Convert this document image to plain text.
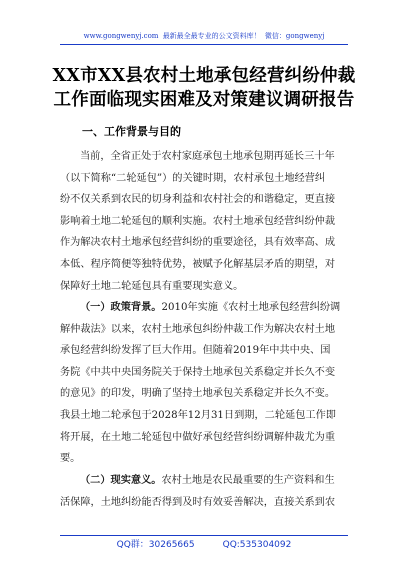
www.gongwenyj.com 最新最全最专业的公文资料库！ 微信：gongwenyj
XX市XX县农村土地承包经营纠纷仲裁
工作面临现实困难及对策建议调研报告
一、工作背景与目的
当前，全省正处于农村家庭承包土地承包期再延长三十年
（以下简称“二轮延包”）的关键时期，农村承包土地经营纠
纷不仅关系到农民的切身利益和农村社会的和谐稳定，更直接
影响着土地二轮延包的顺利实施。农村土地承包经营纠纷仲裁
作为解决农村土地承包经营纠纷的重要途径，具有效率高、成
本低、程序简便等独特优势，被赋予化解基层矛盾的期望，对
保障好土地二轮延包具有重要现实意义。
（一）政策背景。2010年实施《农村土地承包经营纠纷调
解仲裁法》以来，农村土地承包纠纷仲裁工作为解决农村土地
承包经营纠纷发挥了巨大作用。但随着2019年中共中央、国
务院《中共中央国务院关于保持土地承包关系稳定并长久不变
的意见》的印发，明确了坚持土地承包关系稳定并长久不变。
我县土地二轮承包于2028年12月31日到期，二轮延包工作即
将开展，在土地二轮延包中做好承包经营纠纷调解仲裁尤为重
要。
（二）现实意义。农村土地是农民最重要的生产资料和生
活保障，土地纠纷能否得到及时有效妥善解决，直接关系到农
QQ群：30265665	QQ:535304092
